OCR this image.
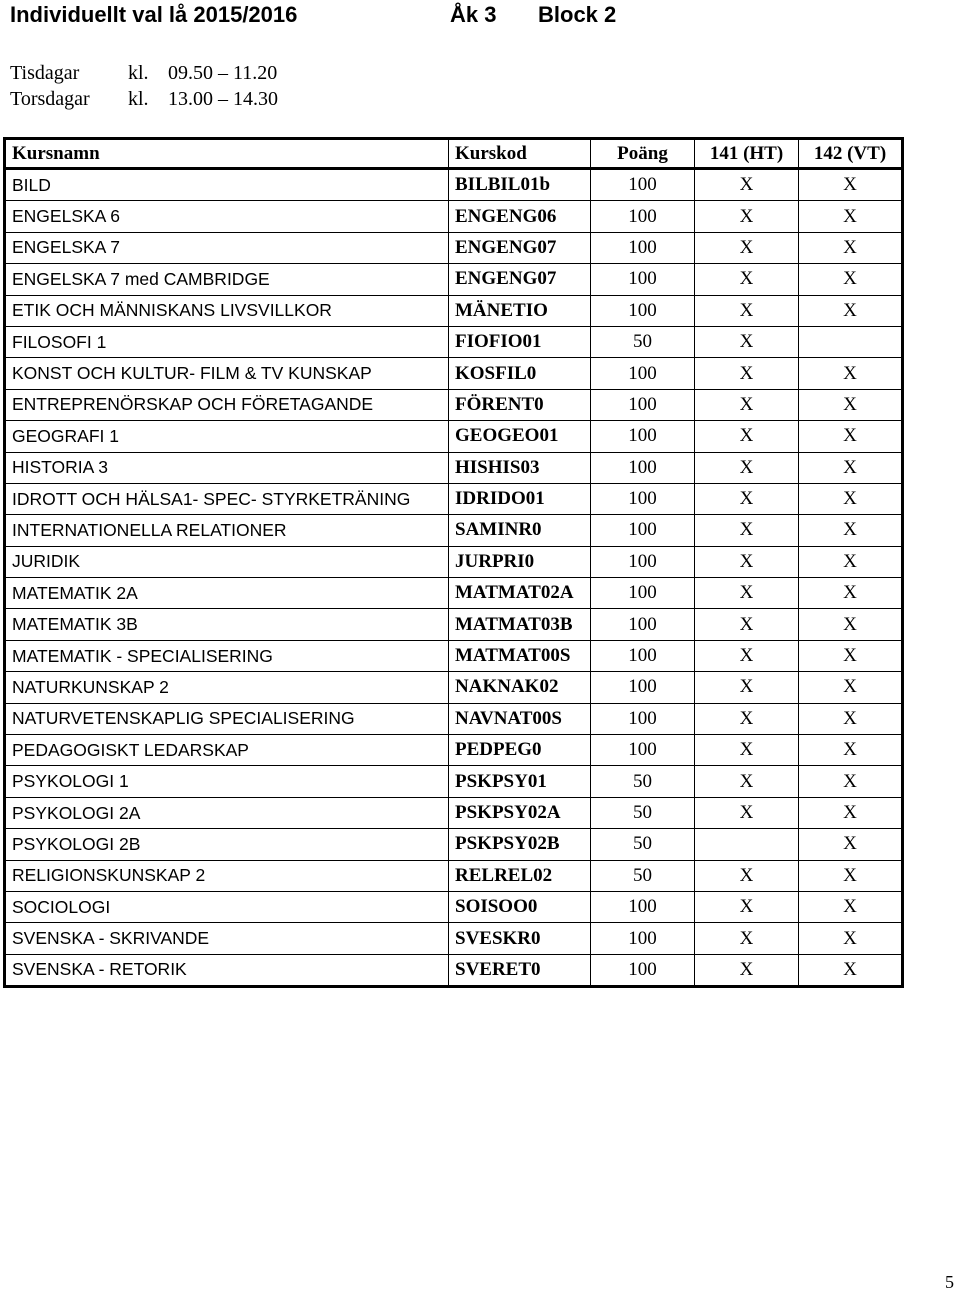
Individuellt val lå 2015/2016	Åk 3 Block 2
Tisdagar kl. 09.50 – 11.20
Torsdagar kl. 13.00 – 14.30
Kursnamn	Kurskod	Poäng	141 (HT)	142 (VT)
BILD	BILBIL01b	100	X	X
ENGELSKA 6	ENGENG06	100	X	X
ENGELSKA 7	ENGENG07	100	X	X
ENGELSKA 7 med CAMBRIDGE	ENGENG07	100	X	X
ETIK OCH MÄNNISKANS LIVSVILLKOR	MÄNETIO	100	X	X
FILOSOFI 1	FIOFIO01	50	X	
KONST OCH KULTUR- FILM & TV KUNSKAP	KOSFIL0	100	X	X
ENTREPRENÖRSKAP OCH FÖRETAGANDE	FÖRENT0	100	X	X
GEOGRAFI 1	GEOGEO01	100	X	X
HISTORIA 3	HISHIS03	100	X	X
IDROTT OCH HÄLSA1- SPEC- STYRKETRÄNING	IDRIDO01	100	X	X
INTERNATIONELLA RELATIONER	SAMINR0	100	X	X
JURIDIK	JURPRI0	100	X	X
MATEMATIK 2A	MATMAT02A	100	X	X
MATEMATIK 3B	MATMAT03B	100	X	X
MATEMATIK - SPECIALISERING	MATMAT00S	100	X	X
NATURKUNSKAP 2	NAKNAK02	100	X	X
NATURVETENSKAPLIG SPECIALISERING	NAVNAT00S	100	X	X
PEDAGOGISKT LEDARSKAP	PEDPEG0	100	X	X
PSYKOLOGI 1	PSKPSY01	50	X	X
PSYKOLOGI 2A	PSKPSY02A	50	X	X
PSYKOLOGI 2B	PSKPSY02B	50		X
RELIGIONSKUNSKAP 2	RELREL02	50	X	X
SOCIOLOGI	SOISOO0	100	X	X
SVENSKA - SKRIVANDE	SVESKR0	100	X	X
SVENSKA - RETORIK	SVERET0	100	X	X
5
